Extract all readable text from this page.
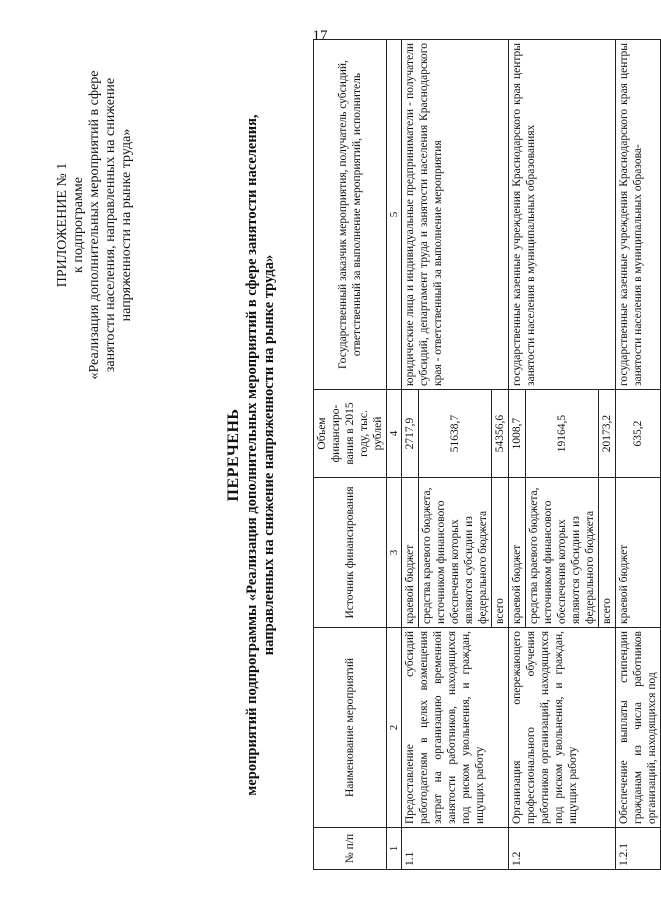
17
ПРИЛОЖЕНИЕ № 1 к подпрограмме «Реализация дополнительных мероприятий в сфере занятости населения, направленных на снижение напряженности на рынке труда»
ПЕРЕЧЕНЬ мероприятий подпрограммы «Реализация дополнительных мероприятий в сфере занятости населения, направленных на снижение напряженности на рынке труда»
№ п/п	Наименование мероприятий	Источник финансирования	Объем финансиро-вания в 2015 году, тыс. рублей	Государственный заказчик мероприятия, получатель субсидий, ответственный за выполнение мероприятий, исполнитель
1	2	3	4	5
1.1	Предоставление субсидий работодателям в целях возмещения затрат на организацию временной занятости работников, находящихся под риском увольнения, и граждан, ищущих работу	краевой бюджет	2717,9	юридические лица и индивидуальные предприниматели - получатели субсидий, департамент труда и занятости населения Краснодарского края - ответственный за выполнение мероприятия
		средства краевого бюджета, источником финансового обеспечения которых являются субсидии из федерального бюджета	51638,7	
		всего	54356,6	
1.2	Организация опережающего профессионального обучения работников организаций, находящихся под риском увольнения, и граждан, ищущих работу	краевой бюджет	1008,7	государственные казенные учреждения Краснодарского края центры занятости населения в муниципальных образованиях
		средства краевого бюджета, источником финансового обеспечения которых являются субсидии из федерального бюджета	19164,5	
		всего	20173,2	
1.2.1	Обеспечение выплаты стипендии гражданам из числа работников организаций, находящихся под	краевой бюджет	635,2	государственные казенные учреждения Краснодарского края центры занятости населения в муниципальных образова-
